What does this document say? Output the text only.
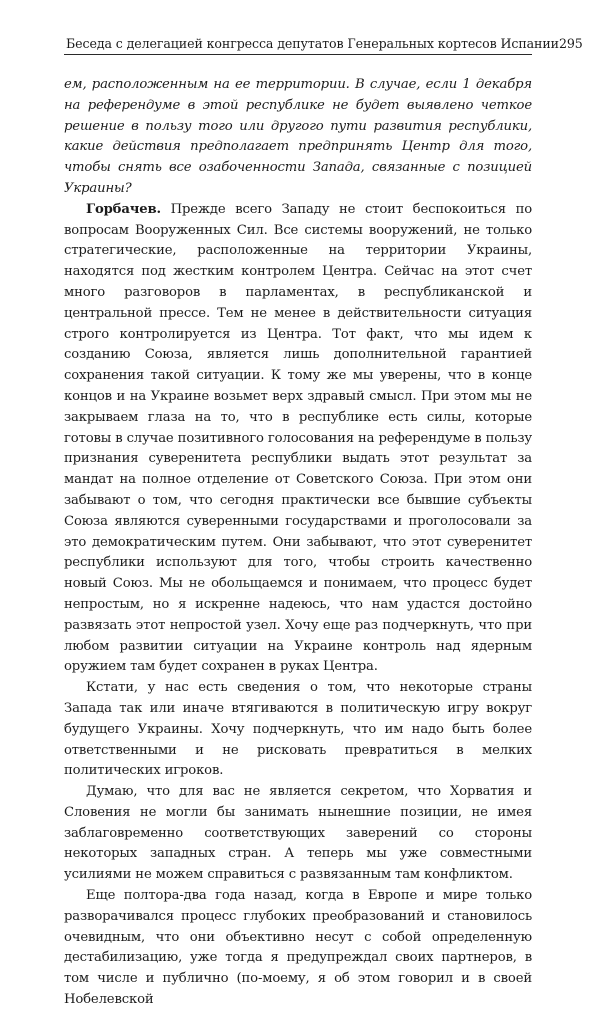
Беседа с делегацией конгресса депутатов Генеральных кортесов Испании 295

ем, расположенным на ее территории. В случае, если 1 декабря на референдуме в этой республике не будет выявлено четкое решение в пользу того или другого пути развития республики, какие действия предполагает предпринять Центр для того, чтобы снять все озабоченности Запада, связанные с позицией Украины?

Горбачев. Прежде всего Западу не стоит беспокоиться по вопросам Вооруженных Сил. Все системы вооружений, не только стратегические, расположенные на территории Украины, находятся под жестким контролем Центра. Сейчас на этот счет много разговоров в парламентах, в республиканской и центральной прессе. Тем не менее в действительности ситуация строго контролируется из Центра. Тот факт, что мы идем к созданию Союза, является лишь дополнительной гарантией сохранения такой ситуации. К тому же мы уверены, что в конце концов и на Украине возьмет верх здравый смысл. При этом мы не закрываем глаза на то, что в республике есть силы, которые готовы в случае позитивного голосования на референдуме в пользу признания суверенитета республики выдать этот результат за мандат на полное отделение от Советского Союза. При этом они забывают о том, что сегодня практически все бывшие субъекты Союза являются суверенными государствами и проголосовали за это демократическим путем. Они забывают, что этот суверенитет республики используют для того, чтобы строить качественно новый Союз. Мы не обольщаемся и понимаем, что процесс будет непростым, но я искренне надеюсь, что нам удастся достойно развязать этот непростой узел. Хочу еще раз подчеркнуть, что при любом развитии ситуации на Украине контроль над ядерным оружием там будет сохранен в руках Центра.

Кстати, у нас есть сведения о том, что некоторые страны Запада так или иначе втягиваются в политическую игру вокруг будущего Украины. Хочу подчеркнуть, что им надо быть более ответственными и не рисковать превратиться в мелких политических игроков.

Думаю, что для вас не является секретом, что Хорватия и Словения не могли бы занимать нынешние позиции, не имея заблаговременно соответствующих заверений со стороны некоторых западных стран. А теперь мы уже совместными усилиями не можем справиться с развязанным там конфликтом.

Еще полтора-два года назад, когда в Европе и мире только разворачивался процесс глубоких преобразований и становилось очевидным, что они объективно несут с собой определенную дестабилизацию, уже тогда я предупреждал своих партнеров, в том числе и публично (по-моему, я об этом говорил и в своей Нобелевской
